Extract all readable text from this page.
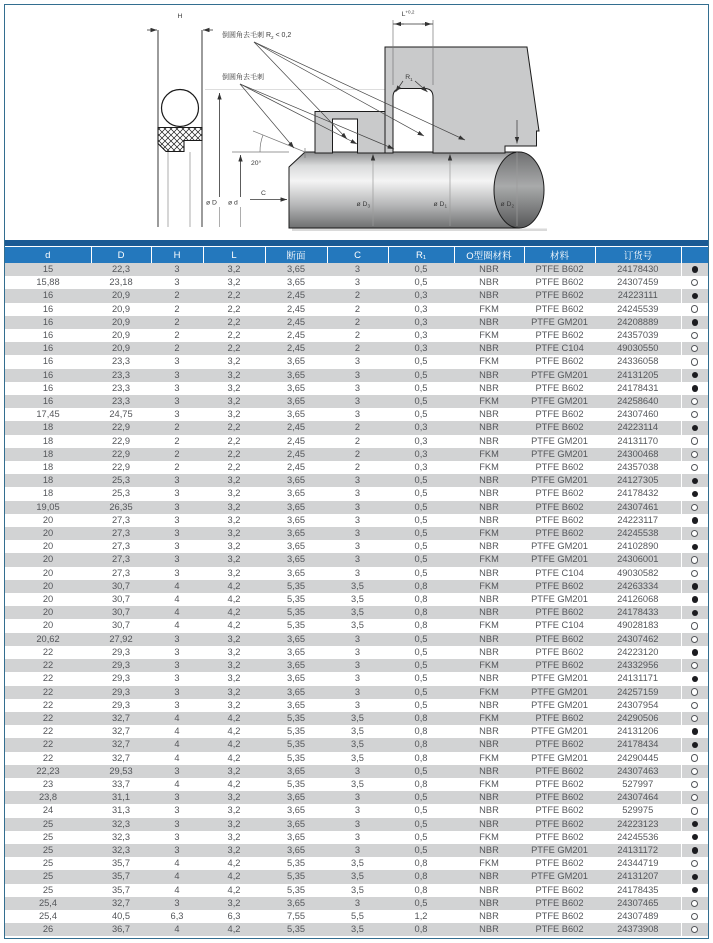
H
ø D ø d
$L^{+0,2}$
$R_1$
20°
C
ø $D_3$	ø $D_1$	ø $D_2$
倒圆角去毛刺 $R_2 < 0,2$
倒圆角去毛刺
d	D	H	L	断面	C	R₁	O型圈材料	材料	订货号	
15	22,3	3	3,2	3,65	3	0,5	NBR	PTFE B602	24178430	
15,88	23,18	3	3,2	3,65	3	0,5	NBR	PTFE B602	24307459	
16	20,9	2	2,2	2,45	2	0,3	NBR	PTFE B602	24223111	
16	20,9	2	2,2	2,45	2	0,3	FKM	PTFE B602	24245539	
16	20,9	2	2,2	2,45	2	0,3	NBR	PTFE GM201	24208889	
16	20,9	2	2,2	2,45	2	0,3	FKM	PTFE B602	24357039	
16	20,9	2	2,2	2,45	2	0,3	NBR	PTFE C104	49030550	
16	23,3	3	3,2	3,65	3	0,5	FKM	PTFE B602	24336058	
16	23,3	3	3,2	3,65	3	0,5	NBR	PTFE GM201	24131205	
16	23,3	3	3,2	3,65	3	0,5	NBR	PTFE B602	24178431	
16	23,3	3	3,2	3,65	3	0,5	FKM	PTFE GM201	24258640	
17,45	24,75	3	3,2	3,65	3	0,5	NBR	PTFE B602	24307460	
18	22,9	2	2,2	2,45	2	0,3	NBR	PTFE B602	24223114	
18	22,9	2	2,2	2,45	2	0,3	NBR	PTFE GM201	24131170	
18	22,9	2	2,2	2,45	2	0,3	FKM	PTFE GM201	24300468	
18	22,9	2	2,2	2,45	2	0,3	FKM	PTFE B602	24357038	
18	25,3	3	3,2	3,65	3	0,5	NBR	PTFE GM201	24127305	
18	25,3	3	3,2	3,65	3	0,5	NBR	PTFE B602	24178432	
19,05	26,35	3	3,2	3,65	3	0,5	NBR	PTFE B602	24307461	
20	27,3	3	3,2	3,65	3	0,5	NBR	PTFE B602	24223117	
20	27,3	3	3,2	3,65	3	0,5	FKM	PTFE B602	24245538	
20	27,3	3	3,2	3,65	3	0,5	NBR	PTFE GM201	24102890	
20	27,3	3	3,2	3,65	3	0,5	FKM	PTFE GM201	24306001	
20	27,3	3	3,2	3,65	3	0,5	NBR	PTFE C104	49030582	
20	30,7	4	4,2	5,35	3,5	0,8	FKM	PTFE B602	24263334	
20	30,7	4	4,2	5,35	3,5	0,8	NBR	PTFE GM201	24126068	
20	30,7	4	4,2	5,35	3,5	0,8	NBR	PTFE B602	24178433	
20	30,7	4	4,2	5,35	3,5	0,8	FKM	PTFE C104	49028183	
20,62	27,92	3	3,2	3,65	3	0,5	NBR	PTFE B602	24307462	
22	29,3	3	3,2	3,65	3	0,5	NBR	PTFE B602	24223120	
22	29,3	3	3,2	3,65	3	0,5	FKM	PTFE B602	24332956	
22	29,3	3	3,2	3,65	3	0,5	NBR	PTFE GM201	24131171	
22	29,3	3	3,2	3,65	3	0,5	FKM	PTFE GM201	24257159	
22	29,3	3	3,2	3,65	3	0,5	NBR	PTFE GM201	24307954	
22	32,7	4	4,2	5,35	3,5	0,8	FKM	PTFE B602	24290506	
22	32,7	4	4,2	5,35	3,5	0,8	NBR	PTFE GM201	24131206	
22	32,7	4	4,2	5,35	3,5	0,8	NBR	PTFE B602	24178434	
22	32,7	4	4,2	5,35	3,5	0,8	FKM	PTFE GM201	24290445	
22,23	29,53	3	3,2	3,65	3	0,5	NBR	PTFE B602	24307463	
23	33,7	4	4,2	5,35	3,5	0,8	FKM	PTFE B602	527997	
23,8	31,1	3	3,2	3,65	3	0,5	NBR	PTFE B602	24307464	
24	31,3	3	3,2	3,65	3	0,5	NBR	PTFE B602	529975	
25	32,3	3	3,2	3,65	3	0,5	NBR	PTFE B602	24223123	
25	32,3	3	3,2	3,65	3	0,5	FKM	PTFE B602	24245536	
25	32,3	3	3,2	3,65	3	0,5	NBR	PTFE GM201	24131172	
25	35,7	4	4,2	5,35	3,5	0,8	FKM	PTFE B602	24344719	
25	35,7	4	4,2	5,35	3,5	0,8	NBR	PTFE GM201	24131207	
25	35,7	4	4,2	5,35	3,5	0,8	NBR	PTFE B602	24178435	
25,4	32,7	3	3,2	3,65	3	0,5	NBR	PTFE B602	24307465	
25,4	40,5	6,3	6,3	7,55	5,5	1,2	NBR	PTFE B602	24307489	
26	36,7	4	4,2	5,35	3,5	0,8	NBR	PTFE B602	24373908	
